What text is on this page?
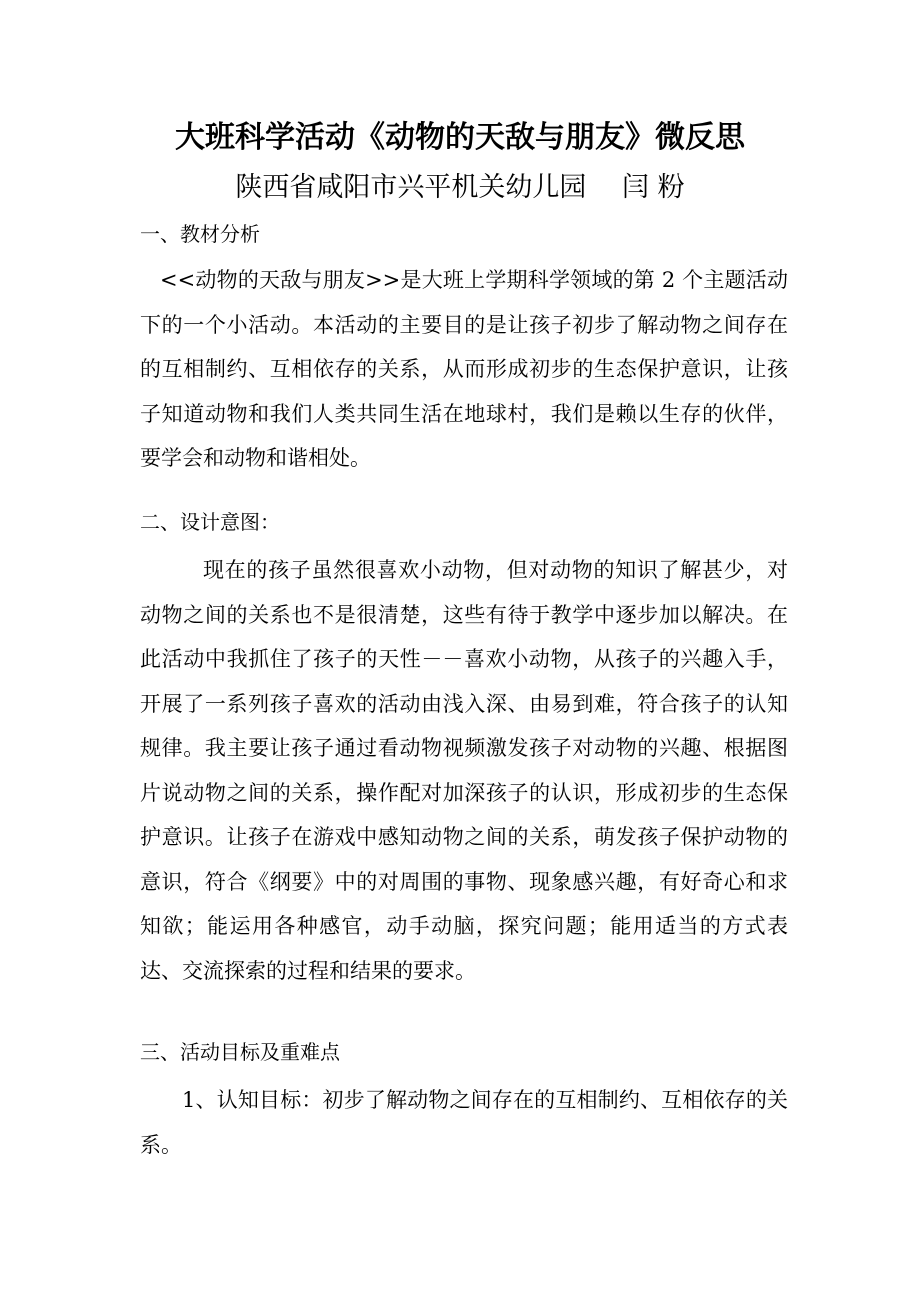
大班科学活动《动物的天敌与朋友》微反思
陕西省咸阳市兴平机关幼儿园　 闫 粉
一、教材分析

<<动物的天敌与朋友>>是大班上学期科学领域的第 2 个主题活动下的一个小活动。本活动的主要目的是让孩子初步了解动物之间存在的互相制约、互相依存的关系，从而形成初步的生态保护意识，让孩子知道动物和我们人类共同生活在地球村，我们是赖以生存的伙伴，要学会和动物和谐相处。

二、设计意图：

现在的孩子虽然很喜欢小动物，但对动物的知识了解甚少，对动物之间的关系也不是很清楚，这些有待于教学中逐步加以解决。在此活动中我抓住了孩子的天性－－喜欢小动物，从孩子的兴趣入手，开展了一系列孩子喜欢的活动由浅入深、由易到难，符合孩子的认知规律。我主要让孩子通过看动物视频激发孩子对动物的兴趣、根据图片说动物之间的关系，操作配对加深孩子的认识，形成初步的生态保护意识。让孩子在游戏中感知动物之间的关系，萌发孩子保护动物的意识，符合《纲要》中的对周围的事物、现象感兴趣，有好奇心和求知欲；能运用各种感官，动手动脑，探究问题；能用适当的方式表达、交流探索的过程和结果的要求。

三、活动目标及重难点

1、认知目标：初步了解动物之间存在的互相制约、互相依存的关系。
